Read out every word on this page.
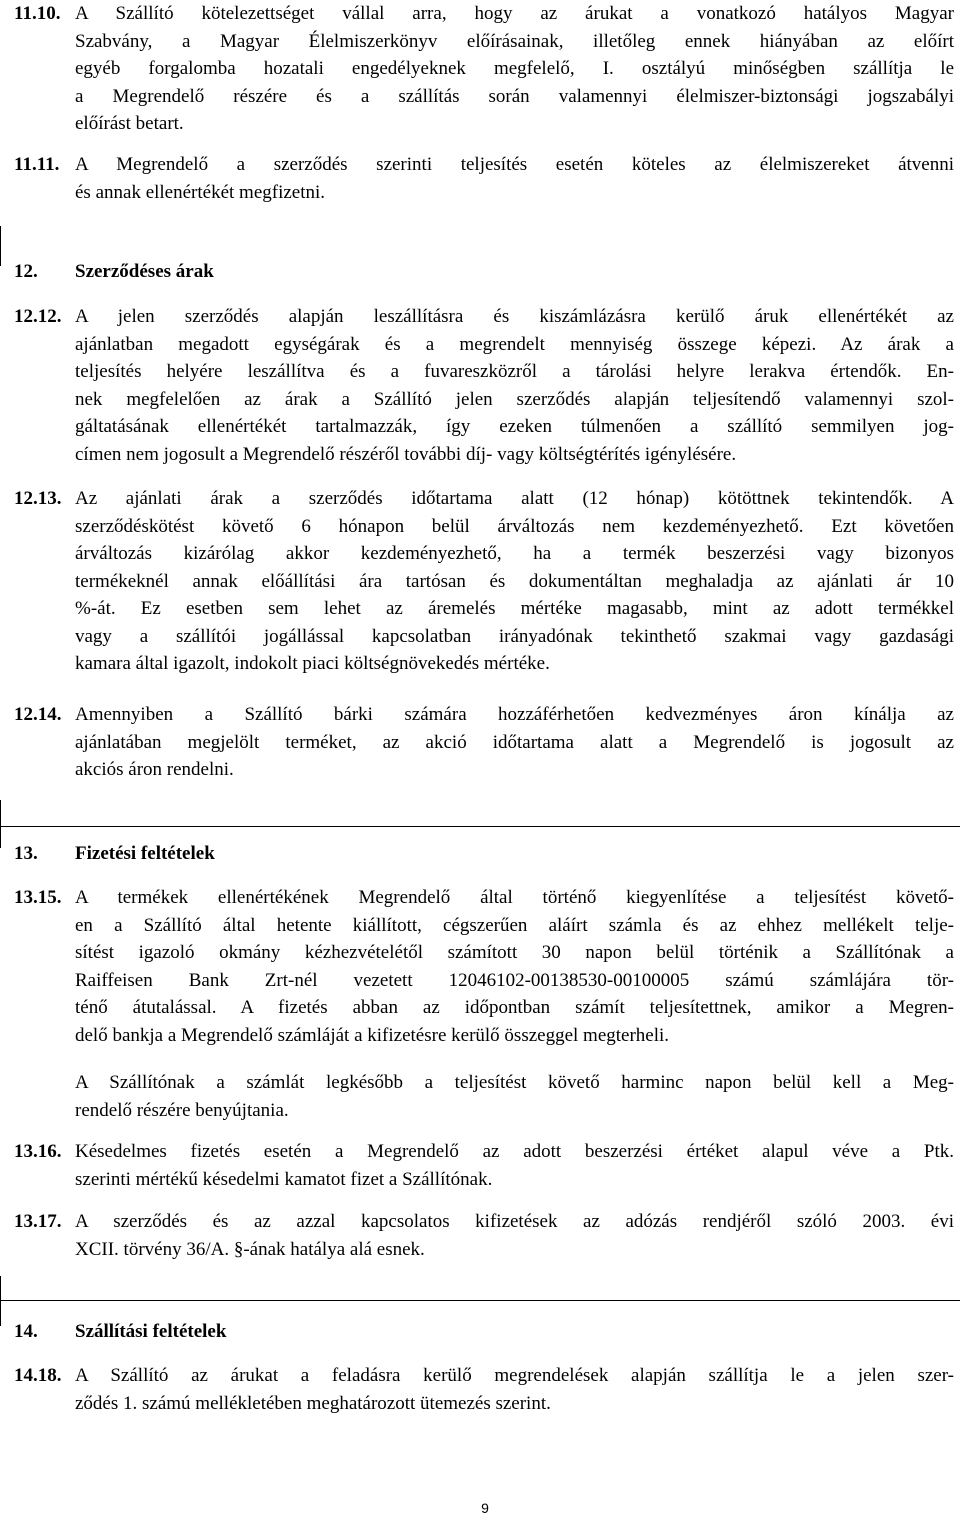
11.10. A Szállító kötelezettséget vállal arra, hogy az árukat a vonatkozó hatályos Magyar
Szabvány, a Magyar Élelmiszerkönyv előírásainak, illetőleg ennek hiányában az előírt
egyéb forgalomba hozatali engedélyeknek megfelelő, I. osztályú minőségben szállítja le
a Megrendelő részére és a szállítás során valamennyi élelmiszer-biztonsági jogszabályi
előírást betart.
11.11. A Megrendelő a szerződés szerinti teljesítés esetén köteles az élelmiszereket átvenni
és annak ellenértékét megfizetni.
12. Szerződéses árak
12.12. A jelen szerződés alapján leszállításra és kiszámlázásra kerülő áruk ellenértékét az
ajánlatban megadott egységárak és a megrendelt mennyiség összege képezi. Az árak a
teljesítés helyére leszállítva és a fuvareszközről a tárolási helyre lerakva értendők. En-
nek megfelelően az árak a Szállító jelen szerződés alapján teljesítendő valamennyi szol-
gáltatásának ellenértékét tartalmazzák, így ezeken túlmenően a szállító semmilyen jog-
címen nem jogosult a Megrendelő részéről további díj- vagy költségtérítés igénylésére.
12.13. Az ajánlati árak a szerződés időtartama alatt (12 hónap) kötöttnek tekintendők. A
szerződéskötést követő 6 hónapon belül árváltozás nem kezdeményezhető. Ezt követően
árváltozás kizárólag akkor kezdeményezhető, ha a termék beszerzési vagy bizonyos
termékeknél annak előállítási ára tartósan és dokumentáltan meghaladja az ajánlati ár 10
%-át. Ez esetben sem lehet az áremelés mértéke magasabb, mint az adott termékkel
vagy a szállítói jogállással kapcsolatban irányadónak tekinthető szakmai vagy gazdasági
kamara által igazolt, indokolt piaci költségnövekedés mértéke.
12.14. Amennyiben a Szállító bárki számára hozzáférhetően kedvezményes áron kínálja az
ajánlatában megjelölt terméket, az akció időtartama alatt a Megrendelő is jogosult az
akciós áron rendelni.
13. Fizetési feltételek
13.15. A termékek ellenértékének Megrendelő által történő kiegyenlítése a teljesítést követő-
en a Szállító által hetente kiállított, cégszerűen aláírt számla és az ehhez mellékelt telje-
sítést igazoló okmány kézhezvételétől számított 30 napon belül történik a Szállítónak a
Raiffeisen Bank Zrt-nél vezetett 12046102-00138530-00100005 számú számlájára tör-
ténő átutalással. A fizetés abban az időpontban számít teljesítettnek, amikor a Megren-
delő bankja a Megrendelő számláját a kifizetésre kerülő összeggel megterheli.
A Szállítónak a számlát legkésőbb a teljesítést követő harminc napon belül kell a Meg-
rendelő részére benyújtania.
13.16. Késedelmes fizetés esetén a Megrendelő az adott beszerzési értéket alapul véve a Ptk.
szerinti mértékű késedelmi kamatot fizet a Szállítónak.
13.17. A szerződés és az azzal kapcsolatos kifizetések az adózás rendjéről szóló 2003. évi
XCII. törvény 36/A. §-ának hatálya alá esnek.
14. Szállítási feltételek
14.18. A Szállító az árukat a feladásra kerülő megrendelések alapján szállítja le a jelen szer-
ződés 1. számú mellékletében meghatározott ütemezés szerint.
9
